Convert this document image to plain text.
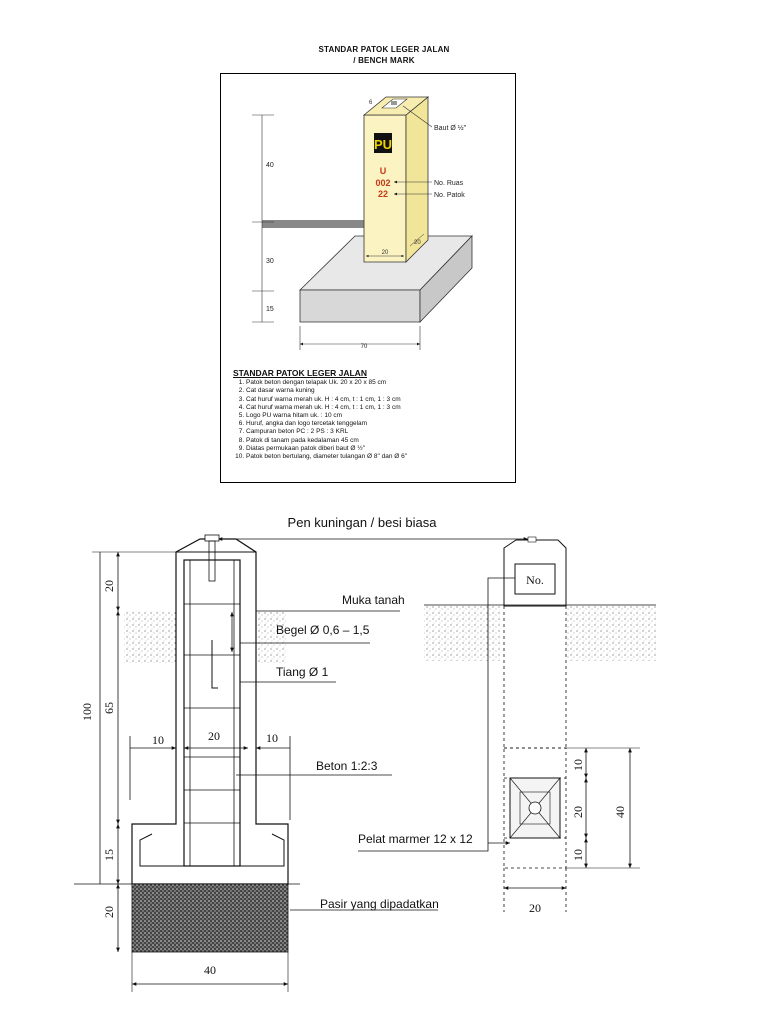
STANDAR PATOK LEGER JALAN
/ BENCH MARK
PU
U
002
22
Baut Ø ½"
No. Ruas
No. Patok
6
20
20
40
30
15
70
Pen kuningan / besi biasa
Muka tanah
Begel Ø 0,6 – 1,5
Tiang Ø 1
Beton 1:2:3
Pasir yang dipadatkan
100
20
65
15
20
10	20	10
40
No.
Pelat marmer 12 x 12
10
20
10
40
20
STANDAR PATOK LEGER JALAN
1. Patok beton dengan telapak Uk. 20 x 20 x 85 cm
2. Cat dasar warna kuning
3. Cat huruf warna merah uk. H : 4 cm, t : 1 cm, 1 : 3 cm
4. Cat huruf warna merah uk. H : 4 cm, t : 1 cm, 1 : 3 cm
5. Logo PU warna hitam uk. : 10 cm
6. Huruf, angka dan logo tercetak tenggelam
7. Campuran beton PC : 2 PS : 3 KRL
8. Patok di tanam pada kedalaman 45 cm
9. Diatas permukaan patok diberi baut Ø ½"
10. Patok beton bertulang, diameter tulangan Ø 8" dan Ø 6"
